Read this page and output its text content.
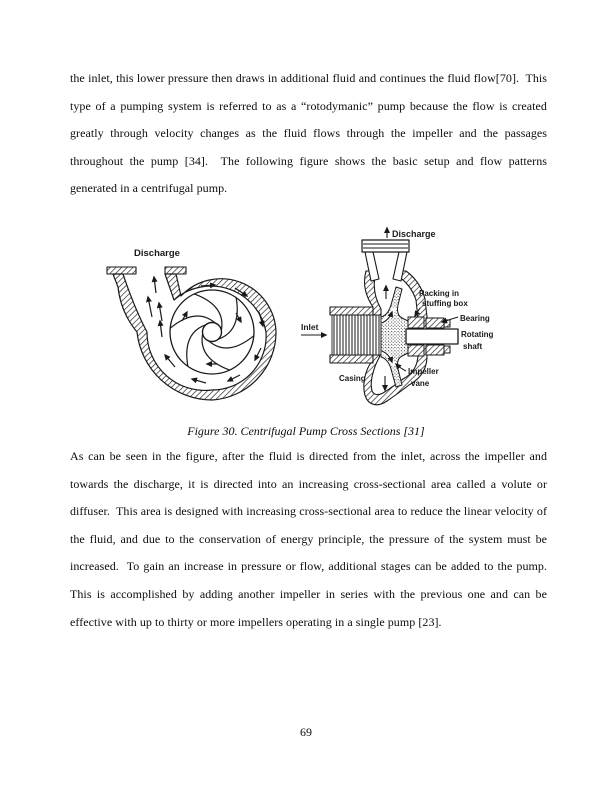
the inlet, this lower pressure then draws in additional fluid and continues the fluid flow[70].  This type of a pumping system is referred to as a “rotodymanic” pump because the flow is created greatly through velocity changes as the fluid flows through the impeller and the passages throughout the pump [34].  The following figure shows the basic setup and flow patterns generated in a centrifugal pump.

Discharge
Discharge
Inlet
Packing in
stuffing box
Bearing
Rotating
shaft
Casing
Impeller
vane
Figure 30. Centrifugal Pump Cross Sections [31]

As can be seen in the figure, after the fluid is directed from the inlet, across the impeller and towards the discharge, it is directed into an increasing cross-sectional area called a volute or diffuser.  This area is designed with increasing cross-sectional area to reduce the linear velocity of the fluid, and due to the conservation of energy principle, the pressure of the system must be increased.  To gain an increase in pressure or flow, additional stages can be added to the pump.  This is accomplished by adding another impeller in series with the previous one and can be effective with up to thirty or more impellers operating in a single pump [23].

69
